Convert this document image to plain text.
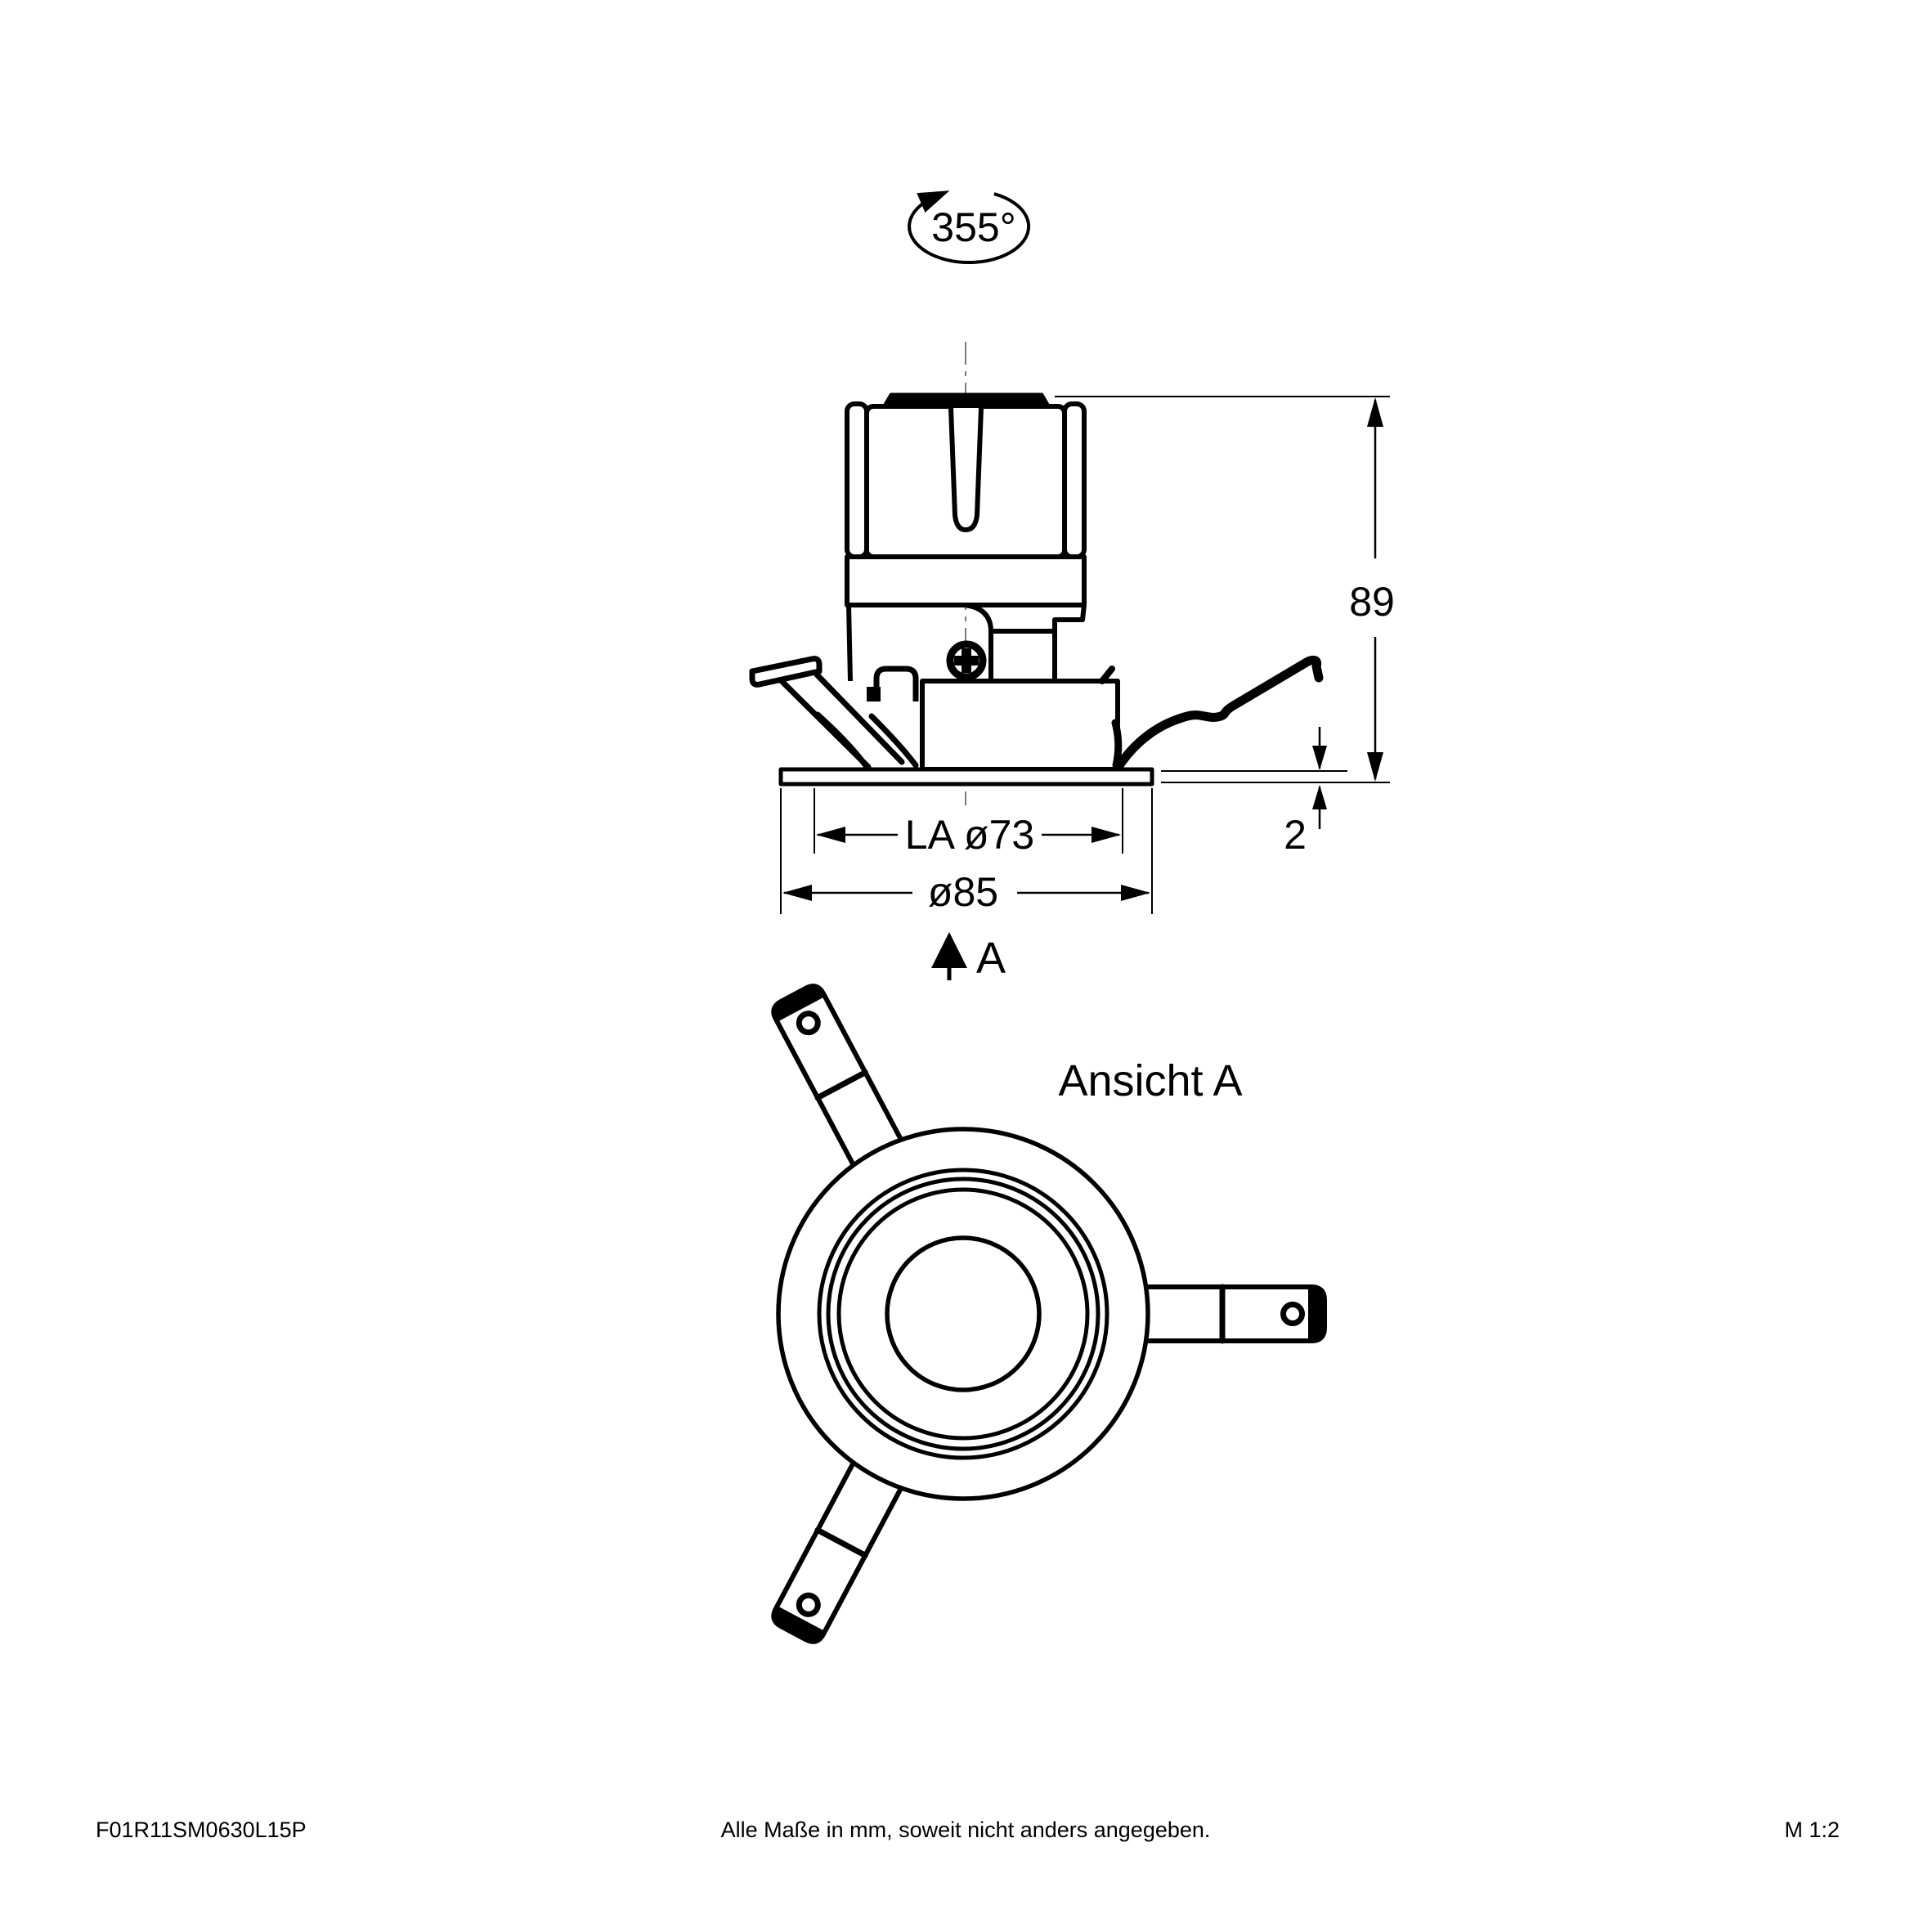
355°
89
2
LA ø73
ø85
A
Ansicht A
F01R11SM0630L15P	Alle Maße in mm, soweit nicht anders angegeben.	M 1:2
